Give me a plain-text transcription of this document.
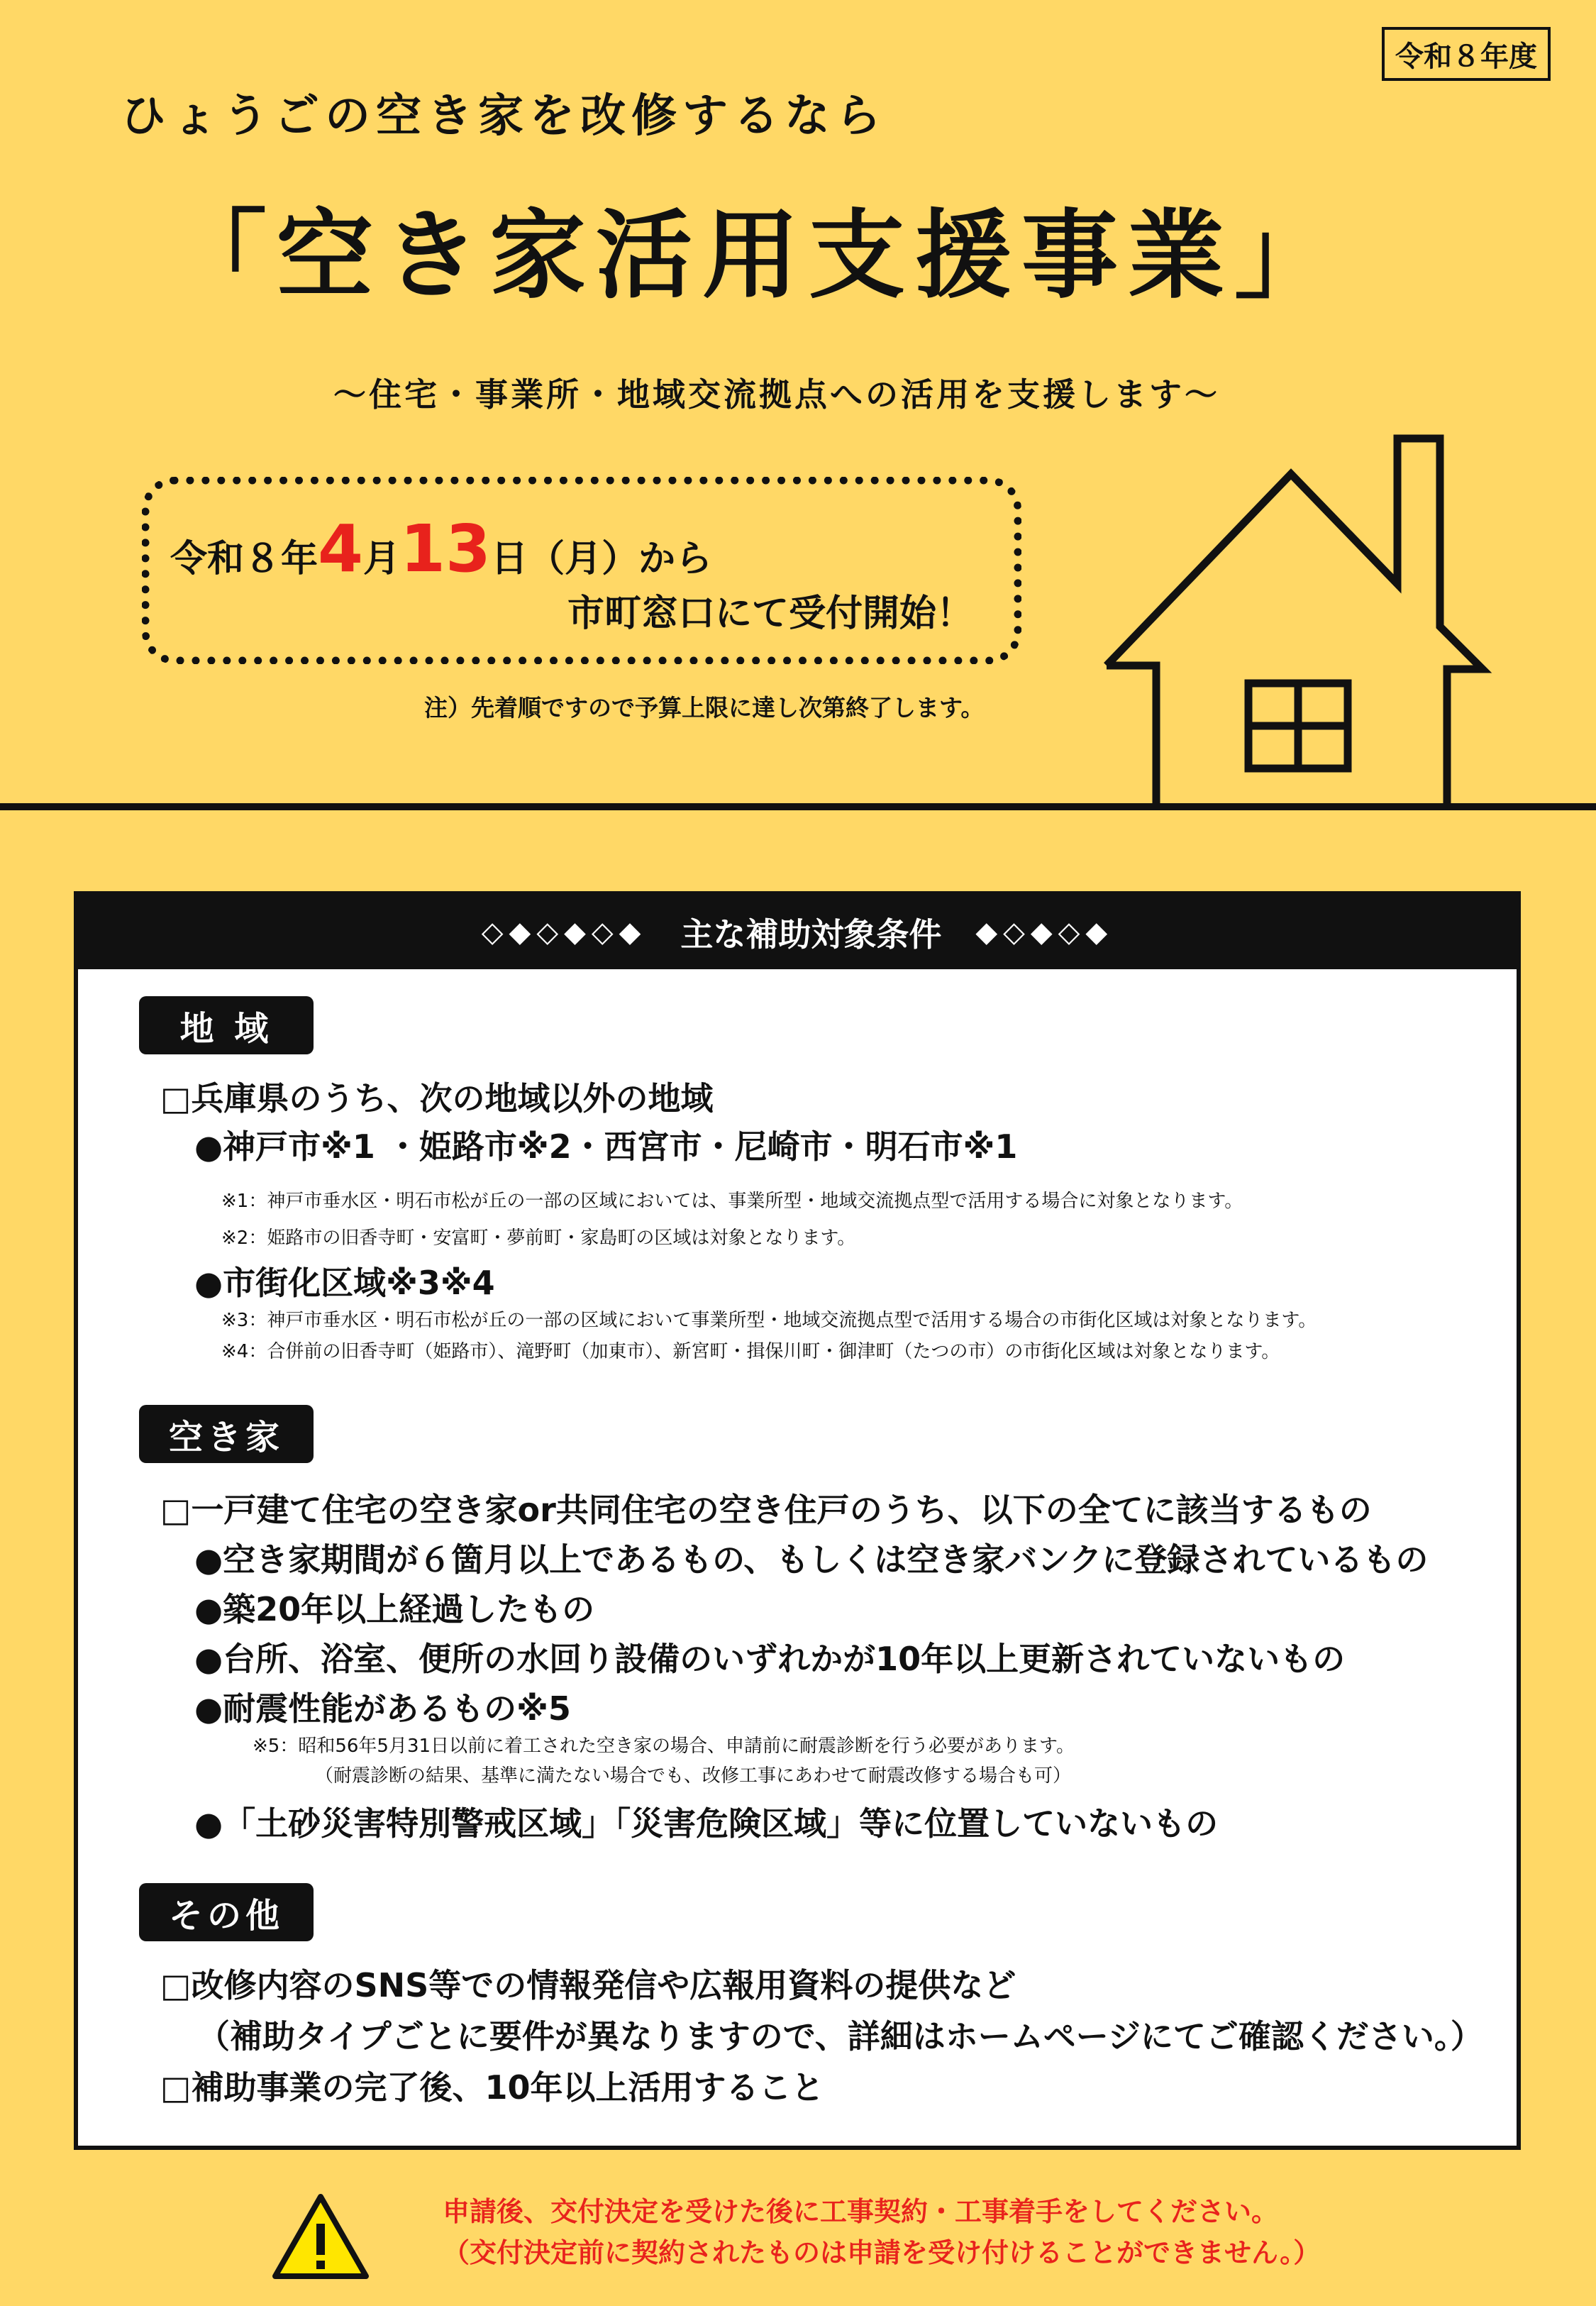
令和８年度
ひょうごの空き家を改修するなら
「空き家活用支援事業」
～住宅・事業所・地域交流拠点への活用を支援します～
令和８年4月13日（月）から
市町窓口にて受付開始！
注）先着順ですので予算上限に達し次第終了します。
◇◆◇◆◇◆ 主な補助対象条件 ◆◇◆◇◆
地 域
□兵庫県のうち、次の地域以外の地域
●神戸市※1 ・姫路市※2・西宮市・尼崎市・明石市※1
※1：神戸市垂水区・明石市松が丘の一部の区域においては、事業所型・地域交流拠点型で活用する場合に対象となります。
※2：姫路市の旧香寺町・安富町・夢前町・家島町の区域は対象となります。
●市街化区域※3※4
※3：神戸市垂水区・明石市松が丘の一部の区域において事業所型・地域交流拠点型で活用する場合の市街化区域は対象となります。
※4：合併前の旧香寺町（姫路市）、滝野町（加東市）、新宮町・揖保川町・御津町（たつの市）の市街化区域は対象となります。
空き家
□一戸建て住宅の空き家or共同住宅の空き住戸のうち、以下の全てに該当するもの
●空き家期間が６箇月以上であるもの、もしくは空き家バンクに登録されているもの
●築20年以上経過したもの
●台所、浴室、便所の水回り設備のいずれかが10年以上更新されていないもの
●耐震性能があるもの※5
※5：昭和56年5月31日以前に着工された空き家の場合、申請前に耐震診断を行う必要があります。
（耐震診断の結果、基準に満たない場合でも、改修工事にあわせて耐震改修する場合も可）
●「土砂災害特別警戒区域」「災害危険区域」等に位置していないもの
その他
□改修内容のSNS等での情報発信や広報用資料の提供など
（補助タイプごとに要件が異なりますので、詳細はホームページにてご確認ください。）
□補助事業の完了後、10年以上活用すること
申請後、交付決定を受けた後に工事契約・工事着手をしてください。
（交付決定前に契約されたものは申請を受け付けることができません。）
